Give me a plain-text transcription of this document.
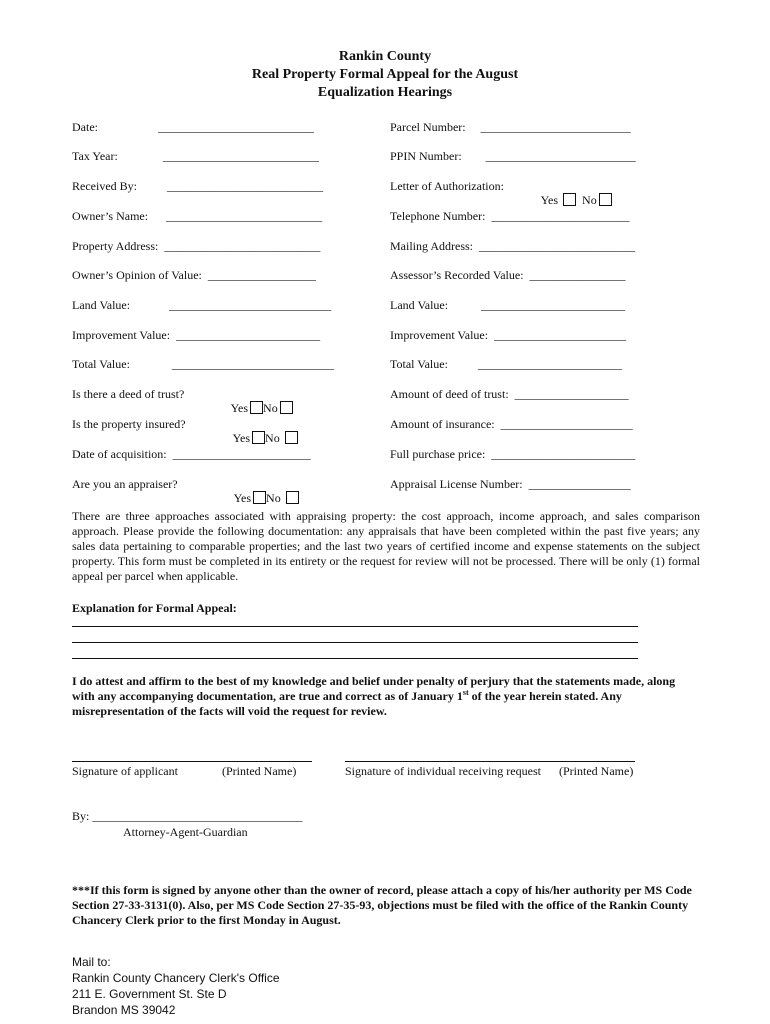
Rankin County
Real Property Formal Appeal for the August
Equalization Hearings
Date:                    __________________________
Tax Year:               __________________________
Received By:          __________________________
Owner’s Name:      __________________________
Property Address:  __________________________
Owner’s Opinion of Value:  __________________
Land Value:             ___________________________
Improvement Value:  ________________________
Total Value:              ___________________________
Is there a deed of trust?

Yes No

Is the property insured?

Yes No

Date of acquisition:  _______________________
Are you an appraiser?

Yes No

Parcel Number:     _________________________
PPIN Number:        _________________________
Letter of Authorization:

Yes No

Telephone Number:  _______________________
Mailing Address:  __________________________
Assessor’s Recorded Value:  ________________
Land Value:           ________________________
Improvement Value:  ______________________
Total Value:          ________________________
Amount of deed of trust:  ___________________
Amount of insurance:  ______________________
Full purchase price:  ________________________
Appraisal License Number:  _________________
There are three approaches associated with appraising property: the cost approach, income approach, and sales comparison approach. Please provide the following documentation: any appraisals that have been completed within the past five years; any sales data pertaining to comparable properties; and the last two years of certified income and expense statements on the subject property. This form must be completed in its entirety or the request for review will not be processed. There will be only (1) formal appeal per parcel when applicable.
Explanation for Formal Appeal:
I do attest and affirm to the best of my knowledge and belief under penalty of perjury that the statements made, along with any accompanying documentation, are true and correct as of January 1st of the year herein stated. Any misrepresentation of the facts will void the request for review.
Signature of applicant	(Printed Name)	Signature of individual receiving request (Printed Name)
By: ___________________________________
Attorney-Agent-Guardian
***If this form is signed by anyone other than the owner of record, please attach a copy of his/her authority per MS Code Section 27-33-3131(0). Also, per MS Code Section 27-35-93, objections must be filed with the office of the Rankin County Chancery Clerk prior to the first Monday in August.
Mail to:
Rankin County Chancery Clerk's Office
211 E. Government St. Ste D
Brandon MS 39042
